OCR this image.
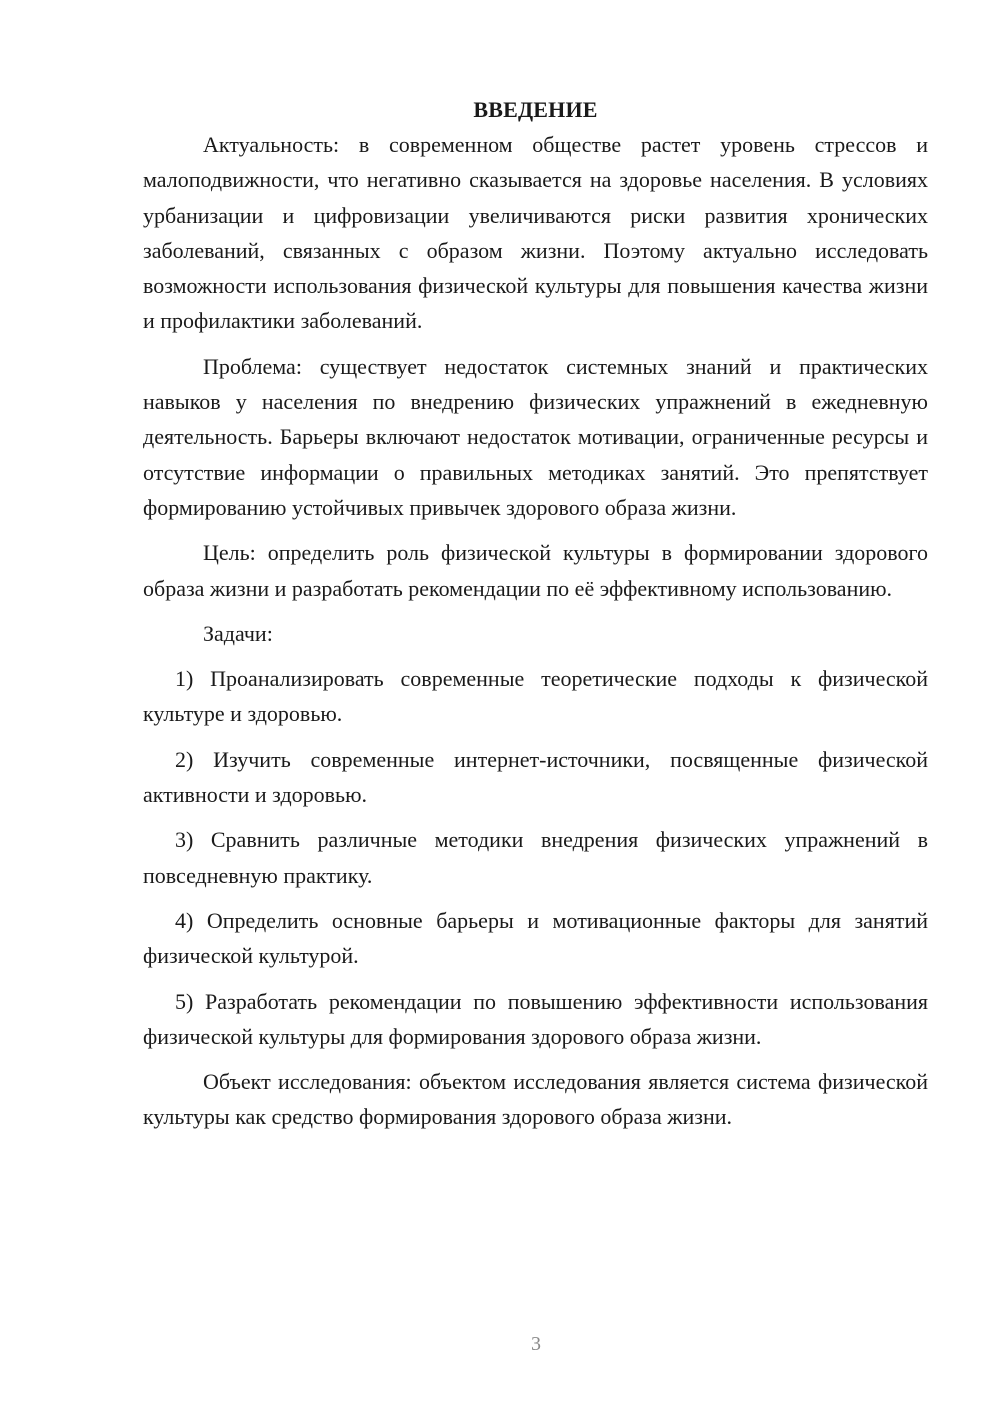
ВВЕДЕНИЕ

Актуальность: в современном обществе растет уровень стрессов и малоподвижности, что негативно сказывается на здоровье населения. В условиях урбанизации и цифровизации увеличиваются риски развития хронических заболеваний, связанных с образом жизни. Поэтому актуально исследовать возможности использования физической культуры для повышения качества жизни и профилактики заболеваний.

Проблема: существует недостаток системных знаний и практических навыков у населения по внедрению физических упражнений в ежедневную деятельность. Барьеры включают недостаток мотивации, ограниченные ресурсы и отсутствие информации о правильных методиках занятий. Это препятствует формированию устойчивых привычек здорового образа жизни.

Цель: определить роль физической культуры в формировании здорового образа жизни и разработать рекомендации по её эффективному использованию.

Задачи:

1) Проанализировать современные теоретические подходы к физической культуре и здоровью.

2) Изучить современные интернет-источники, посвященные физической активности и здоровью.

3) Сравнить различные методики внедрения физических упражнений в повседневную практику.

4) Определить основные барьеры и мотивационные факторы для занятий физической культурой.

5) Разработать рекомендации по повышению эффективности использования физической культуры для формирования здорового образа жизни.

Объект исследования: объектом исследования является система физической культуры как средство формирования здорового образа жизни.

3
